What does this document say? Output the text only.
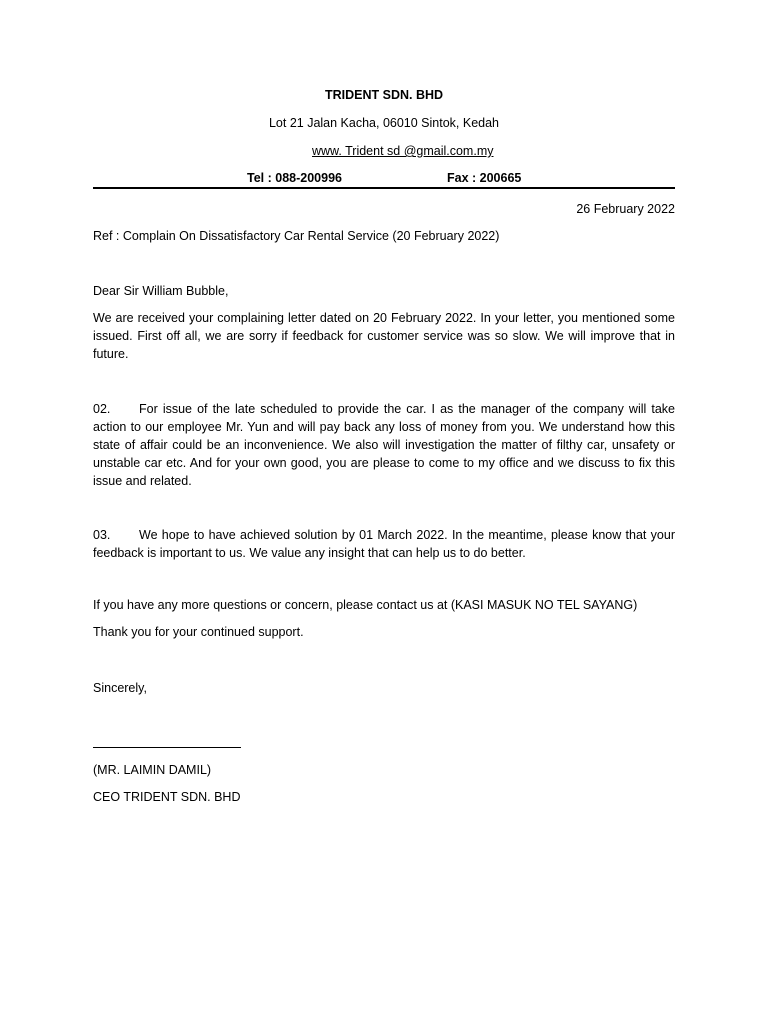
TRIDENT SDN. BHD
Lot 21 Jalan Kacha, 06010 Sintok, Kedah
www. Trident sd @gmail.com.my
Tel : 088-200996	Fax : 200665
26 February 2022
Ref : Complain On Dissatisfactory Car Rental Service (20 February 2022)
Dear Sir William Bubble,
We are received your complaining letter dated on 20 February 2022. In your letter, you mentioned some issued. First off all, we are sorry if feedback for customer service was so slow. We will improve that in future.
02. For issue of the late scheduled to provide the car. I as the manager of the company will take action to our employee Mr. Yun and will pay back any loss of money from you. We understand how this state of affair could be an inconvenience. We also will investigation the matter of filthy car, unsafety or unstable car etc. And for your own good, you are please to come to my office and we discuss to fix this issue and related.
03. We hope to have achieved solution by 01 March 2022. In the meantime, please know that your feedback is important to us. We value any insight that can help us to do better.
If you have any more questions or concern, please contact us at (KASI MASUK NO TEL SAYANG)
Thank you for your continued support.
Sincerely,
(MR. LAIMIN DAMIL)
CEO TRIDENT SDN. BHD
